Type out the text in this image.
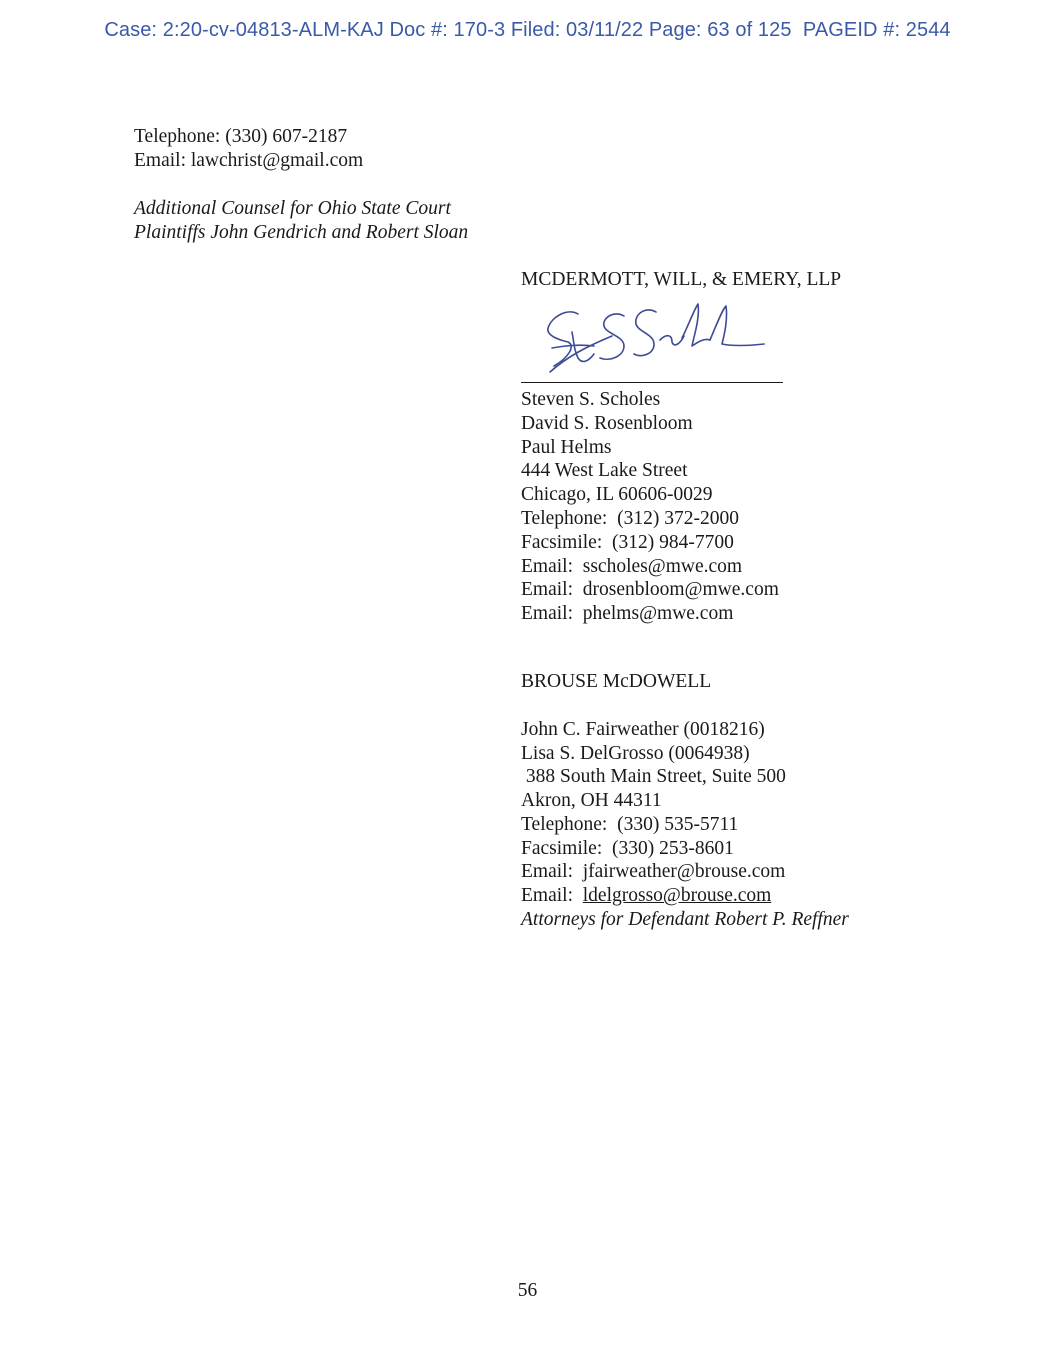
Case: 2:20-cv-04813-ALM-KAJ Doc #: 170-3 Filed: 03/11/22 Page: 63 of 125  PAGEID #: 2544
Telephone: (330) 607-2187
Email: lawchrist@gmail.com
Additional Counsel for Ohio State Court
Plaintiffs John Gendrich and Robert Sloan
MCDERMOTT, WILL, & EMERY, LLP
Steven S. Scholes
David S. Rosenbloom
Paul Helms
444 West Lake Street
Chicago, IL 60606-0029
Telephone:  (312) 372-2000
Facsimile:  (312) 984-7700
Email:  sscholes@mwe.com
Email:  drosenbloom@mwe.com
Email:  phelms@mwe.com
BROUSE McDOWELL
John C. Fairweather (0018216)
Lisa S. DelGrosso (0064938)
388 South Main Street, Suite 500
Akron, OH 44311
Telephone:  (330) 535-5711
Facsimile:  (330) 253-8601
Email:  jfairweather@brouse.com
Email:  ldelgrosso@brouse.com
Attorneys for Defendant Robert P. Reffner
56
